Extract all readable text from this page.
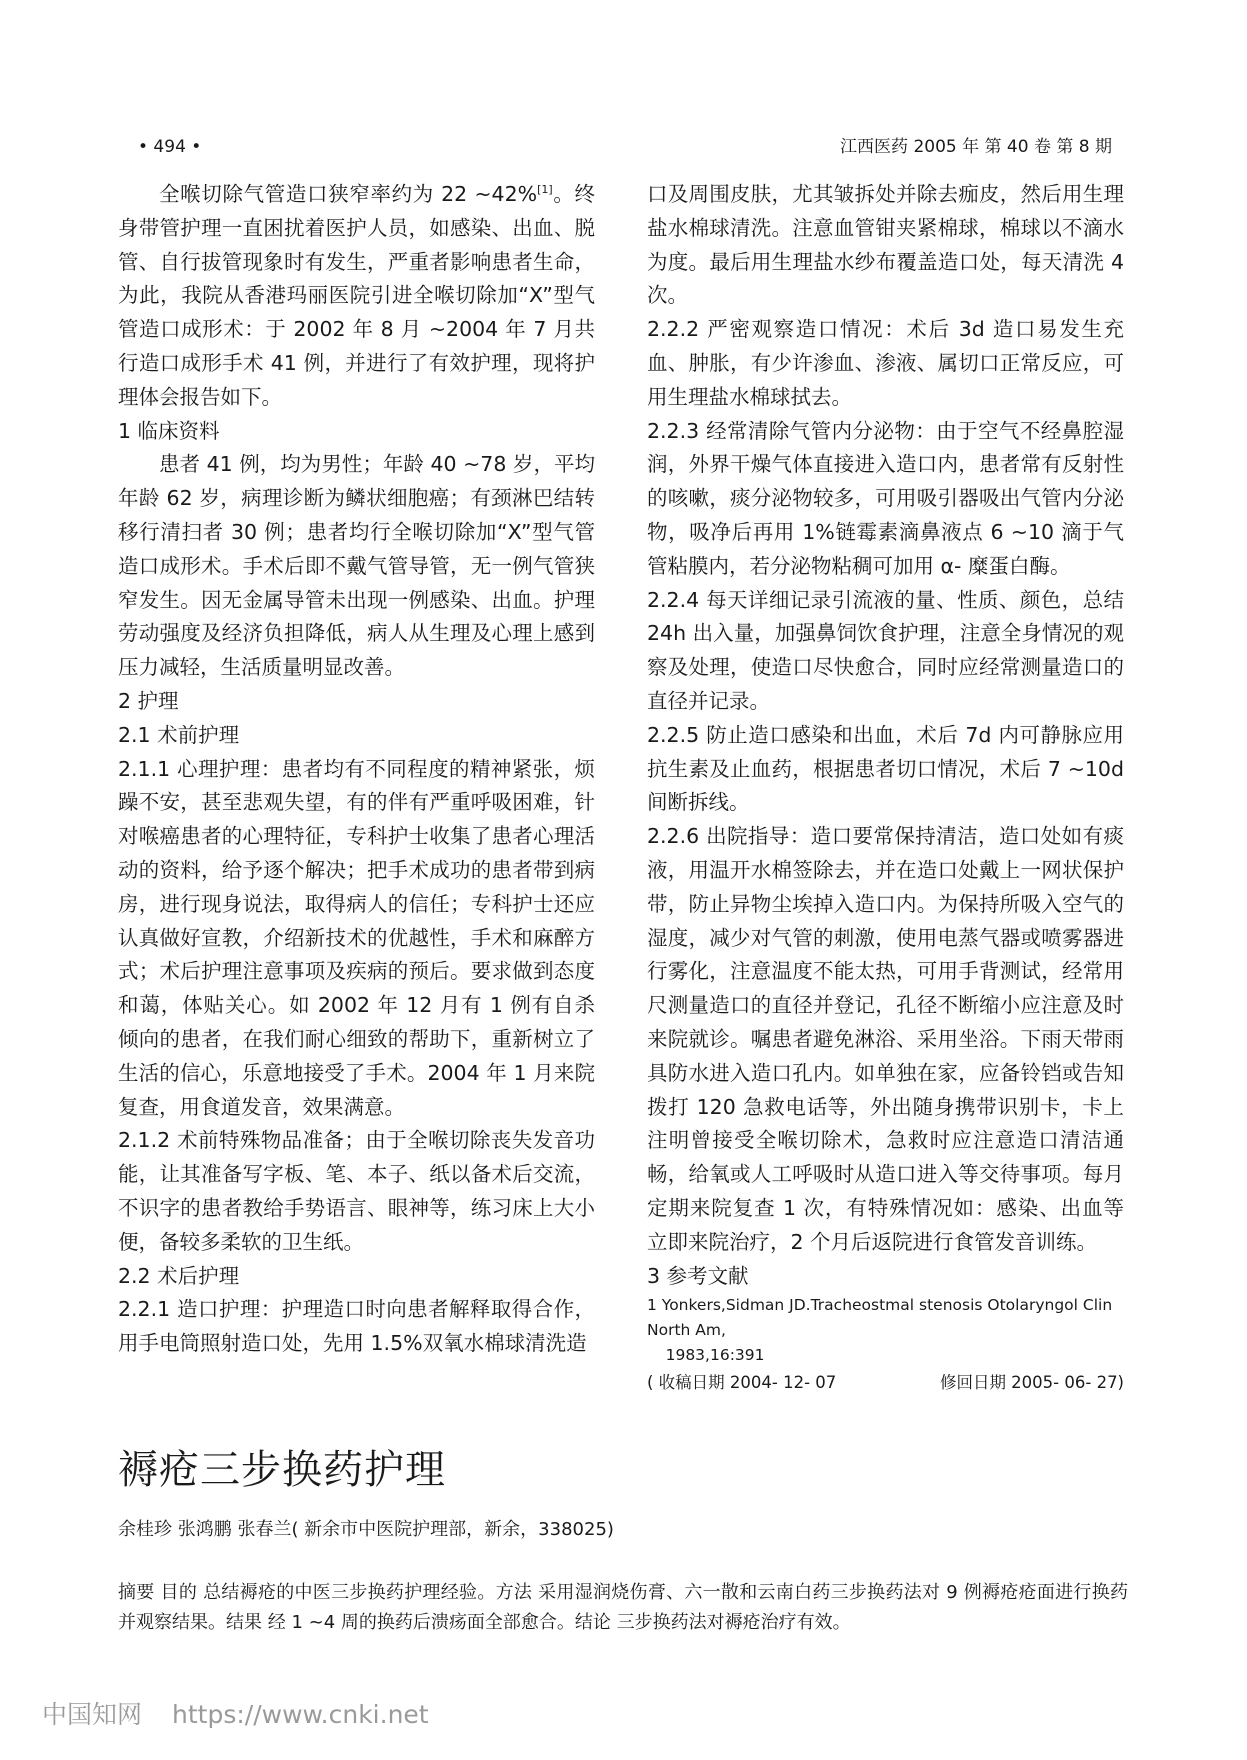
• 494 •	江西医药 2005 年 第 40 卷 第 8 期

全喉切除气管造口狭窄率约为 22 ~42%[1]。终身带管护理一直困扰着医护人员，如感染、出血、脱管、自行拔管现象时有发生，严重者影响患者生命，为此，我院从香港玛丽医院引进全喉切除加“X”型气管造口成形术：于 2002 年 8 月 ~2004 年 7 月共行造口成形手术 41 例，并进行了有效护理，现将护理体会报告如下。

1 临床资料

患者 41 例，均为男性；年龄 40 ~78 岁，平均年龄 62 岁，病理诊断为鳞状细胞癌；有颈淋巴结转移行清扫者 30 例；患者均行全喉切除加“X”型气管造口成形术。手术后即不戴气管导管，无一例气管狭窄发生。因无金属导管未出现一例感染、出血。护理劳动强度及经济负担降低，病人从生理及心理上感到压力减轻，生活质量明显改善。

2 护理

2.1 术前护理

2.1.1 心理护理：患者均有不同程度的精神紧张，烦躁不安，甚至悲观失望，有的伴有严重呼吸困难，针对喉癌患者的心理特征，专科护士收集了患者心理活动的资料，给予逐个解决；把手术成功的患者带到病房，进行现身说法，取得病人的信任；专科护士还应认真做好宣教，介绍新技术的优越性，手术和麻醉方式；术后护理注意事项及疾病的预后。要求做到态度和蔼，体贴关心。如 2002 年 12 月有 1 例有自杀倾向的患者，在我们耐心细致的帮助下，重新树立了生活的信心，乐意地接受了手术。2004 年 1 月来院复查，用食道发音，效果满意。

2.1.2 术前特殊物品准备；由于全喉切除丧失发音功能，让其准备写字板、笔、本子、纸以备术后交流，不识字的患者教给手势语言、眼神等，练习床上大小便，备较多柔软的卫生纸。

2.2 术后护理

2.2.1 造口护理：护理造口时向患者解释取得合作，用手电筒照射造口处，先用 1.5%双氧水棉球清洗造

口及周围皮肤，尤其皱拆处并除去痂皮，然后用生理盐水棉球清洗。注意血管钳夹紧棉球，棉球以不滴水为度。最后用生理盐水纱布覆盖造口处，每天清洗 4 次。

2.2.2 严密观察造口情况：术后 3d 造口易发生充血、肿胀，有少许渗血、渗液、属切口正常反应，可用生理盐水棉球拭去。

2.2.3 经常清除气管内分泌物：由于空气不经鼻腔湿润，外界干燥气体直接进入造口内，患者常有反射性的咳嗽，痰分泌物较多，可用吸引器吸出气管内分泌物，吸净后再用 1%链霉素滴鼻液点 6 ~10 滴于气管粘膜内，若分泌物粘稠可加用 α- 糜蛋白酶。

2.2.4 每天详细记录引流液的量、性质、颜色，总结 24h 出入量，加强鼻饲饮食护理，注意全身情况的观察及处理，使造口尽快愈合，同时应经常测量造口的直径并记录。

2.2.5 防止造口感染和出血，术后 7d 内可静脉应用抗生素及止血药，根据患者切口情况，术后 7 ~10d 间断拆线。

2.2.6 出院指导：造口要常保持清洁，造口处如有痰液，用温开水棉签除去，并在造口处戴上一网状保护带，防止异物尘埃掉入造口内。为保持所吸入空气的湿度，减少对气管的刺激，使用电蒸气器或喷雾器进行雾化，注意温度不能太热，可用手背测试，经常用尺测量造口的直径并登记，孔径不断缩小应注意及时来院就诊。嘱患者避免淋浴、采用坐浴。下雨天带雨具防水进入造口孔内。如单独在家，应备铃铛或告知拨打 120 急救电话等，外出随身携带识别卡，卡上注明曾接受全喉切除术，急救时应注意造口清洁通畅，给氧或人工呼吸时从造口进入等交待事项。每月定期来院复查 1 次，有特殊情况如：感染、出血等立即来院治疗，2 个月后返院进行食管发音训练。

3 参考文献

1 Yonkers,Sidman JD.Tracheostmal stenosis Otolaryngol Clin North Am,
1983,16:391
( 收稿日期 2004- 12- 07	修回日期 2005- 06- 27)
褥疮三步换药护理
余桂珍 张鸿鹏 张春兰( 新余市中医院护理部，新余，338025)
摘要 目的 总结褥疮的中医三步换药护理经验。方法 采用湿润烧伤膏、六一散和云南白药三步换药法对 9 例褥疮疮面进行换药并观察结果。结果 经 1 ~4 周的换药后溃疡面全部愈合。结论 三步换药法对褥疮治疗有效。
中国知网 https://www.cnki.net
